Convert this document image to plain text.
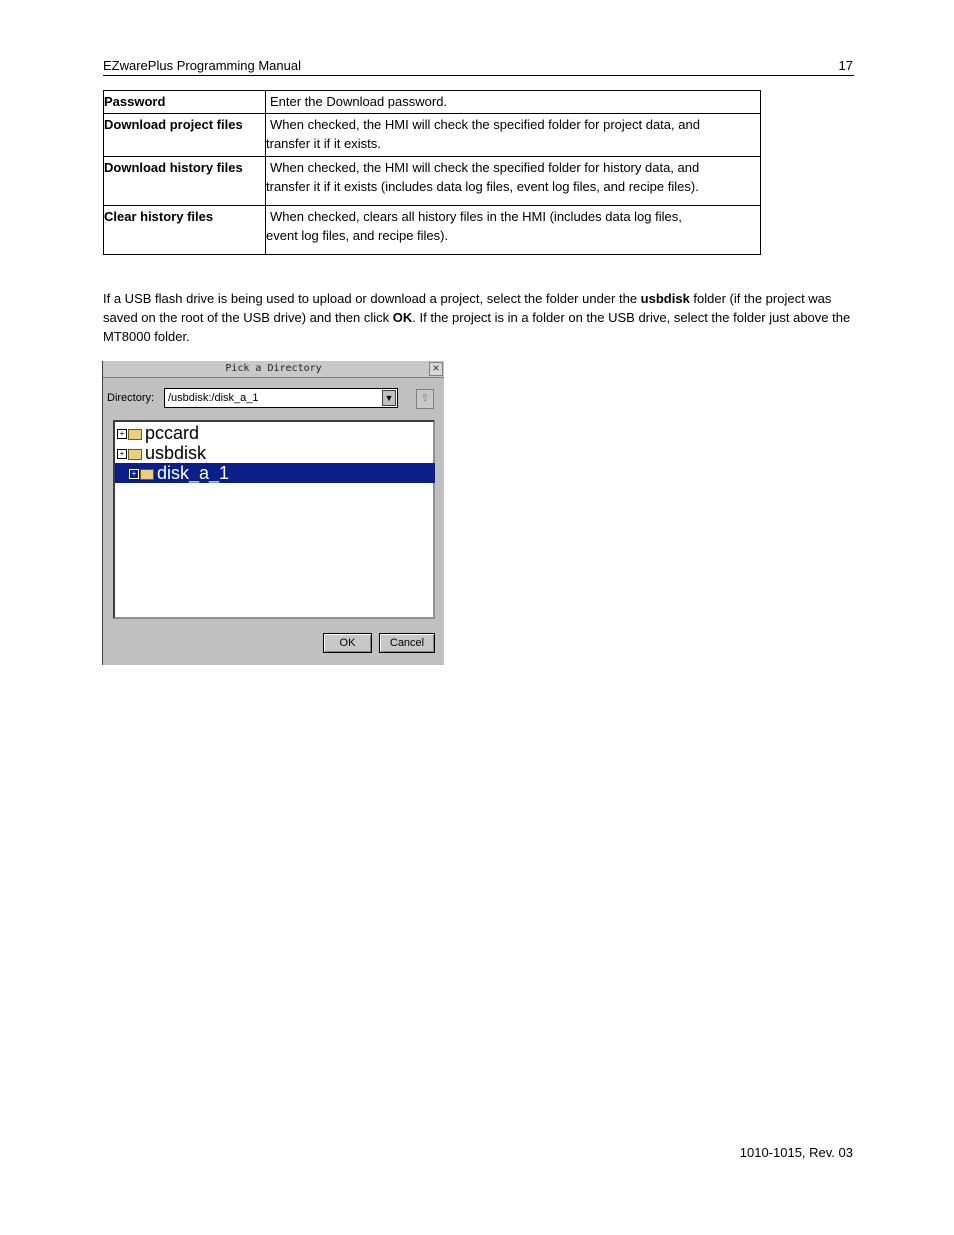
EZwarePlus Programming Manual	17
Password	Enter the Download password.
Download project files	When checked, the HMI will check the specified folder for project data, and
transfer it if it exists.
Download history files	When checked, the HMI will check the specified folder for history data, and
transfer it if it exists (includes data log files, event log files, and recipe files).
Clear history files	When checked, clears all history files in the HMI (includes data log files,
event log files, and recipe files).
If a USB flash drive is being used to upload or download a project, select the folder under the usbdisk folder (if the project was saved on the root of the USB drive) and then click OK. If the project is in a folder on the USB drive, select the folder just above the MT8000 folder.
Pick a Directory	×
Directory:	/usbdisk:/disk_a_1	▼	⇧
+ pccard
+ usbdisk
+ disk_a_1
OK	Cancel
1010-1015, Rev. 03
